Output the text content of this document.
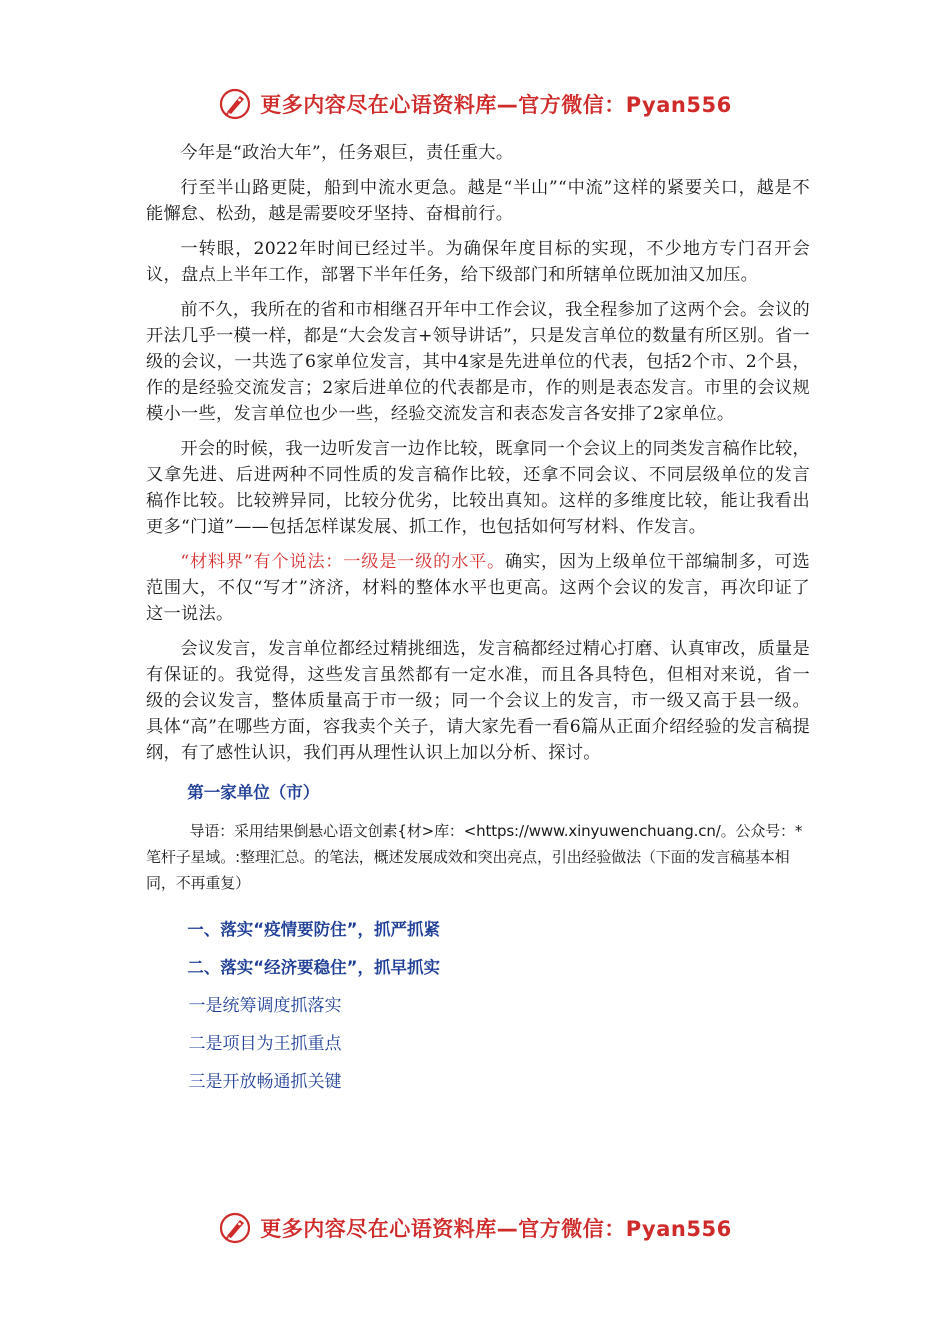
更多内容尽在心语资料库—官方微信：Pyan556

今年是“政治大年”，任务艰巨，责任重大。

行至半山路更陡，船到中流水更急。越是“半山”“中流”这样的紧要关口，越是不能懈怠、松劲，越是需要咬牙坚持、奋楫前行。

一转眼，2022年时间已经过半。为确保年度目标的实现，不少地方专门召开会议，盘点上半年工作，部署下半年任务，给下级部门和所辖单位既加油又加压。

前不久，我所在的省和市相继召开年中工作会议，我全程参加了这两个会。会议的开法几乎一模一样，都是“大会发言+领导讲话”，只是发言单位的数量有所区别。省一级的会议，一共选了6家单位发言，其中4家是先进单位的代表，包括2个市、2个县，作的是经验交流发言；2家后进单位的代表都是市，作的则是表态发言。市里的会议规模小一些，发言单位也少一些，经验交流发言和表态发言各安排了2家单位。

开会的时候，我一边听发言一边作比较，既拿同一个会议上的同类发言稿作比较，又拿先进、后进两种不同性质的发言稿作比较，还拿不同会议、不同层级单位的发言稿作比较。比较辨异同，比较分优劣，比较出真知。这样的多维度比较，能让我看出更多“门道”——包括怎样谋发展、抓工作，也包括如何写材料、作发言。

“材料界”有个说法：一级是一级的水平。确实，因为上级单位干部编制多，可选范围大，不仅“写才”济济，材料的整体水平也更高。这两个会议的发言，再次印证了这一说法。

会议发言，发言单位都经过精挑细选，发言稿都经过精心打磨、认真审改，质量是有保证的。我觉得，这些发言虽然都有一定水准，而且各具特色，但相对来说，省一级的会议发言，整体质量高于市一级；同一个会议上的发言，市一级又高于县一级。具体“高”在哪些方面，容我卖个关子，请大家先看一看6篇从正面介绍经验的发言稿提纲，有了感性认识，我们再从理性认识上加以分析、探讨。

第一家单位（市）
导语：采用结果倒悬心语文创素{材>库：<https://www.xinyuwenchuang.cn/。公众号：*笔杆子星域。:整理汇总。的笔法，概述发展成效和突出亮点，引出经验做法（下面的发言稿基本相同，不再重复）
一、落实“疫情要防住”，抓严抓紧
二、落实“经济要稳住”，抓早抓实
一是统筹调度抓落实
二是项目为王抓重点
三是开放畅通抓关键
更多内容尽在心语资料库—官方微信：Pyan556
